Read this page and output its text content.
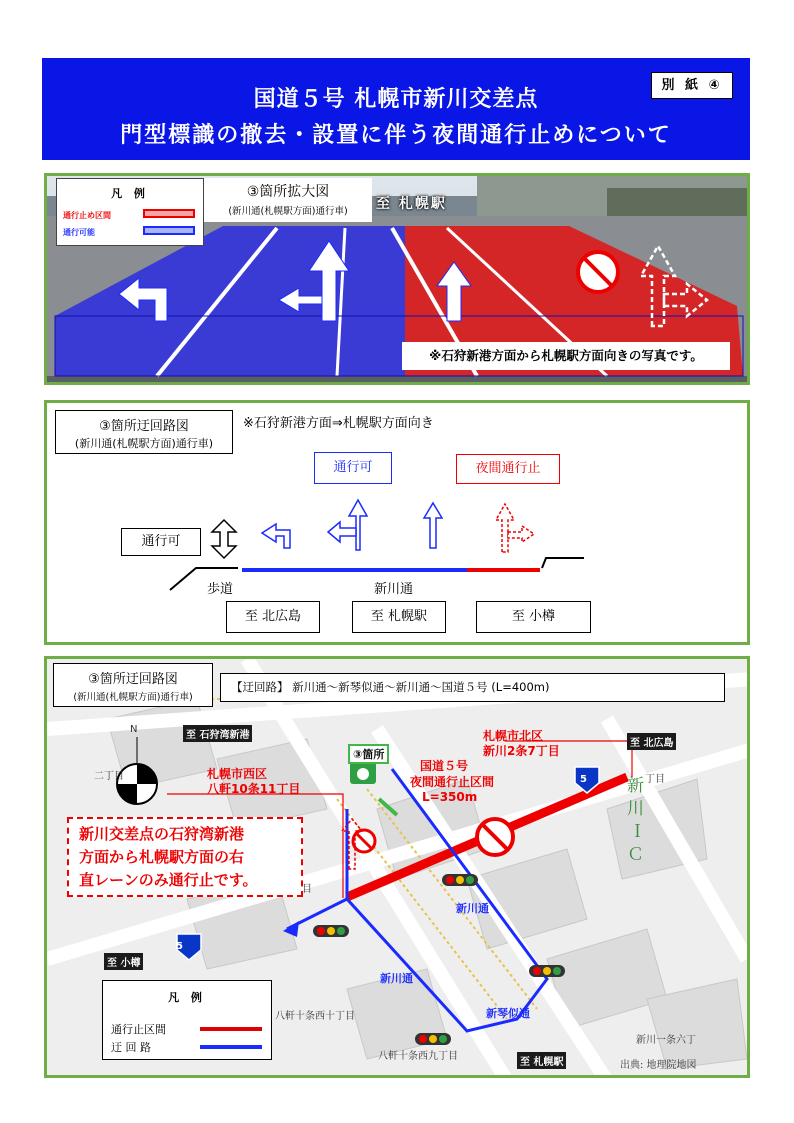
国道５号 札幌市新川交差点
門型標識の撤去・設置に伴う夜間通行止めについて
別 紙 ④
凡 例
通行止め区間
通行可能
③箇所拡大図
(新川通(札幌駅方面)通行車)	至 札幌駅
※石狩新港方面から札幌駅方面向きの写真です。
③箇所迂回路図
(新川通(札幌駅方面)通行車)
※石狩新港方面⇒札幌駅方面向き
通行可	夜間通行止
通行可
歩道	新川通
至 北広島	至 札幌駅	至 小樽
③箇所迂回路図
(新川通(札幌駅方面)通行車)
【迂回路】 新川通～新琴似通～新川通～国道５号 (L=400m)
③箇所
国道５号
夜間通行止区間
L=350m
札幌市西区
八軒10条11丁目
札幌市北区
新川2条7丁目
新川交差点の石狩湾新港
方面から札幌駅方面の右
直レーンのみ通行止です。
新
川
Ｉ
Ｃ
至 石狩湾新港
至 北広島
至 小樽
至 札幌駅
新川通
新川通
新琴似通
5
5
N
八軒十条西十丁目
八軒十条西九丁目
新川一条六丁
二丁目	丁目
目
出典: 地理院地図
凡 例
通行止区間
迂 回 路
